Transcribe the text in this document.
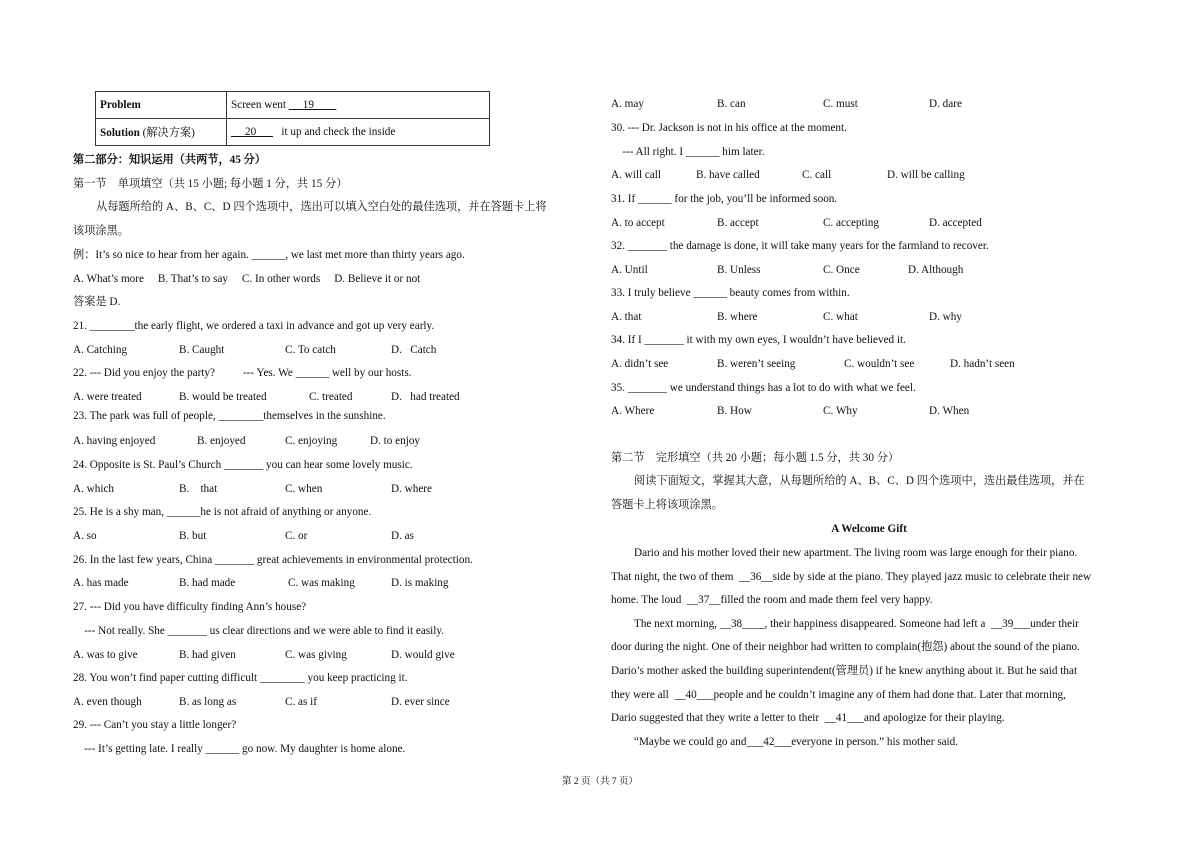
Problem	Screen went      19
Solution (解决方案)	20         it up and check the inside
第二部分：知识运用（共两节，45 分）
第一节    单项填空（共 15 小题; 每小题 1 分，共 15 分）
从每题所给的 A、B、C、D 四个选项中，选出可以填入空白处的最佳选项，并在答题卡上将
该项涂黑。
例：It’s so nice to hear from her again. ______, we last met more than thirty years ago.
A. What’s more     B. That’s to say     C. In other words     D. Believe it or not
答案是 D.
21. ________the early flight, we ordered a taxi in advance and got up very early.
A. Catching	B. Caught	C. To catch	D.   Catch
22. --- Did you enjoy the party?          --- Yes. We ______ well by our hosts.
A. were treated	B. would be treated	C. treated	D.   had treated
23. The park was full of people, ________themselves in the sunshine.
A. having enjoyed	B. enjoyed	C. enjoying	D. to enjoy
24. Opposite is St. Paul’s Church _______ you can hear some lovely music.
A. which	B.    that	C. when	D. where
25. He is a shy man, ______he is not afraid of anything or anyone.
A. so	B. but	C. or	D. as
26. In the last few years, China _______ great achievements in environmental protection.
A. has made	B. had made	C. was making	D. is making
27. --- Did you have difficulty finding Ann’s house?
--- Not really. She _______ us clear directions and we were able to find it easily.
A. was to give	B. had given	C. was giving	D. would give
28. You won’t find paper cutting difficult ________ you keep practicing it.
A. even though	B. as long as	C. as if	D. ever since
29. --- Can’t you stay a little longer?
--- It’s getting late. I really ______ go now. My daughter is home alone.
A. may	B. can	C. must	D. dare
30. --- Dr. Jackson is not in his office at the moment.
--- All right. I ______ him later.
A. will call	B. have called	C. call	D. will be calling
31. If ______ for the job, you’ll be informed soon.
A. to accept	B. accept	C. accepting	D. accepted
32. _______ the damage is done, it will take many years for the farmland to recover.
A. Until	B. Unless	C. Once	D. Although
33. I truly believe ______ beauty comes from within.
A. that	B. where	C. what	D. why
34. If I _______ it with my own eyes, I wouldn’t have believed it.
A. didn’t see	B. weren’t seeing	C. wouldn’t see	D. hadn’t seen
35. _______ we understand things has a lot to do with what we feel.
A. Where	B. How	C. Why	D. When
第二节    完形填空（共 20 小题；每小题 1.5 分，共 30 分）
阅读下面短文，掌握其大意，从每题所给的 A、B、C、D 四个选项中，选出最佳选项，并在
答题卡上将该项涂黑。
A Welcome Gift
Dario and his mother loved their new apartment. The living room was large enough for their piano.
That night, the two of them  __36__side by side at the piano. They played jazz music to celebrate their new
home. The loud  __37__filled the room and made them feel very happy.
The next morning, __38____, their happiness disappeared. Someone had left a  __39___under their
door during the night. One of their neighbor had written to complain(抱怨) about the sound of the piano.
Dario’s mother asked the building superintendent(管理员) if he knew anything about it. But he said that
they were all  __40___people and he couldn’t imagine any of them had done that. Later that morning,
Dario suggested that they write a letter to their  __41___and apologize for their playing.
“Maybe we could go and___42___everyone in person.” his mother said.
第 2 页（共 7 页）
